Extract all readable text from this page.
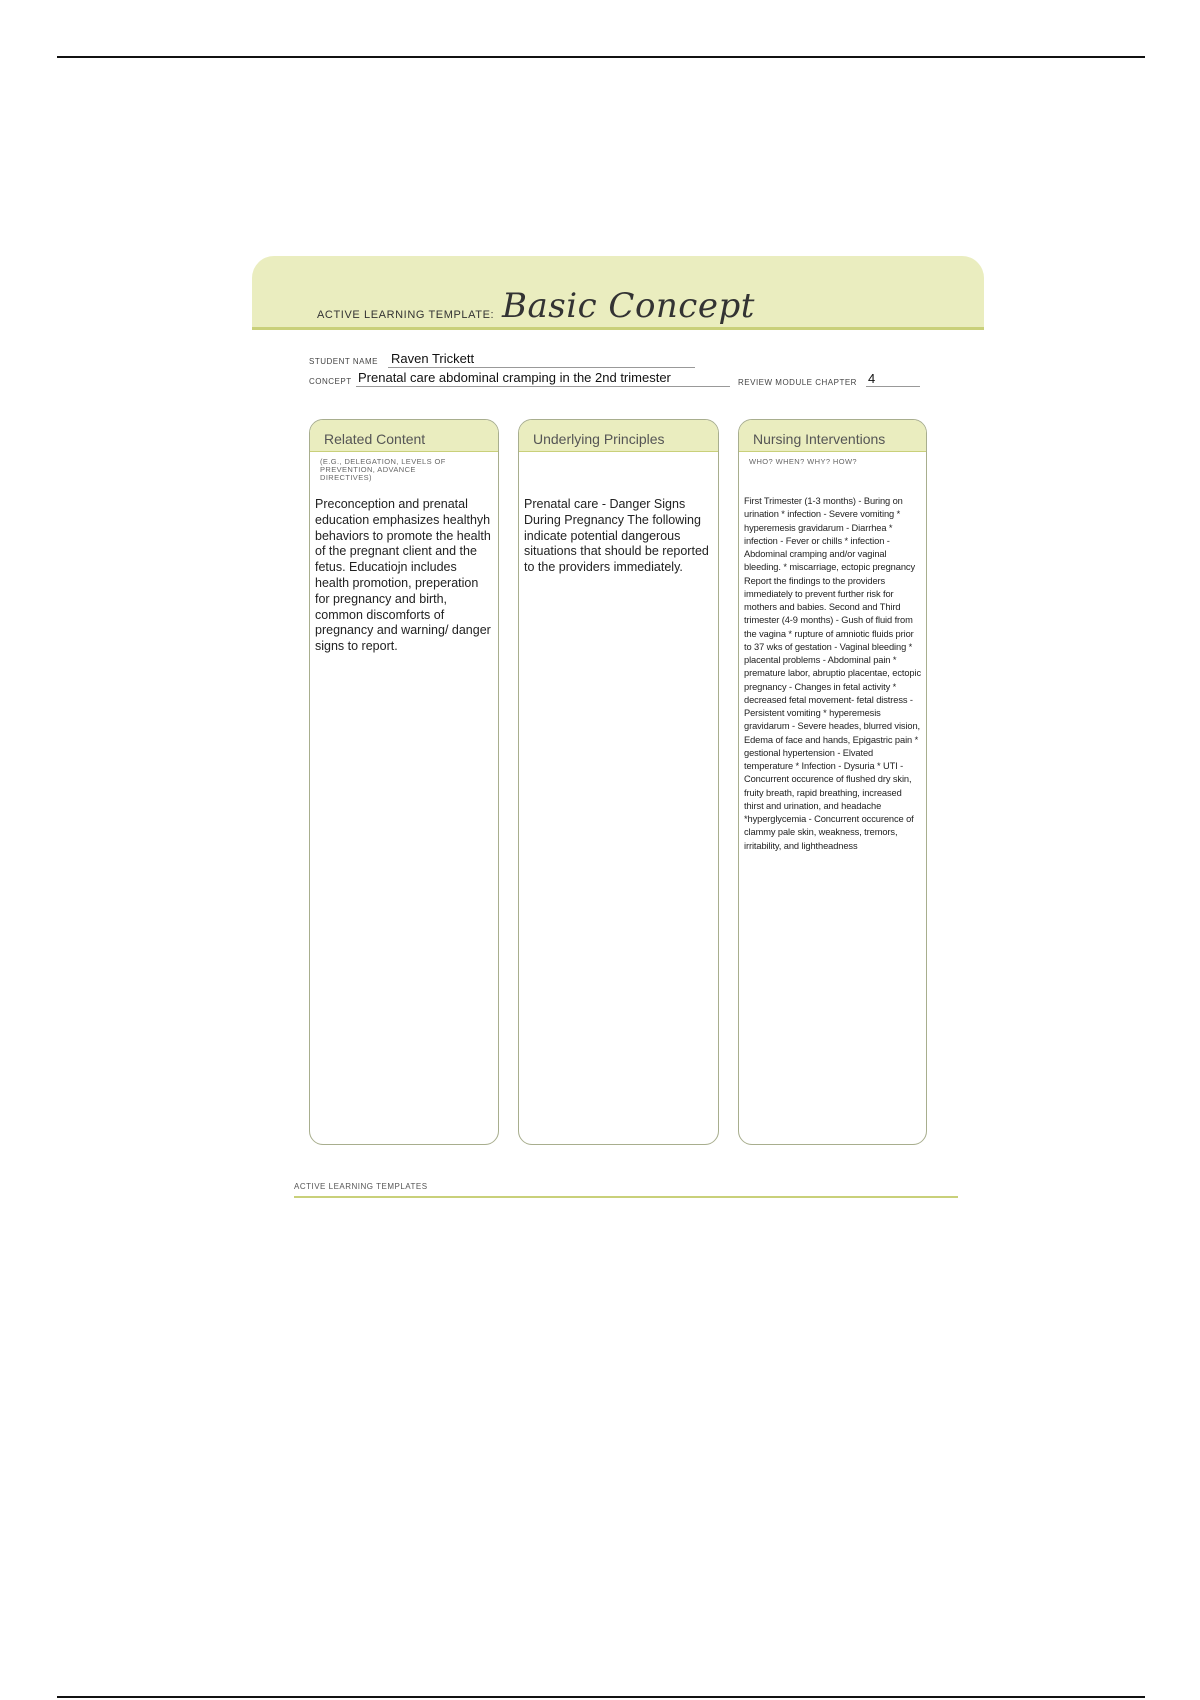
ACTIVE LEARNING TEMPLATE: Basic Concept
STUDENT NAME Raven Trickett
CONCEPT Prenatal care abdominal cramping in the 2nd trimester	REVIEW MODULE CHAPTER 4
Related Content
(E.G., DELEGATION, LEVELS OF PREVENTION, ADVANCE DIRECTIVES)
Preconception and prenatal education emphasizes healthyh behaviors to promote the health of the pregnant client and the fetus. Educatiojn includes health promotion, preperation for pregnancy and birth, common discomforts of pregnancy and warning/ danger signs to report.
Underlying Principles
Prenatal care - Danger Signs During Pregnancy The following indicate potential dangerous situations that should be reported to the providers immediately.
Nursing Interventions
WHO? WHEN? WHY? HOW?
First Trimester (1-3 months) - Buring on urination * infection - Severe vomiting * hyperemesis gravidarum - Diarrhea * infection - Fever or chills * infection - Abdominal cramping and/or vaginal bleeding. * miscarriage, ectopic pregnancy Report the findings to the providers immediately to prevent further risk for mothers and babies. Second and Third trimester (4-9 months) - Gush of fluid from the vagina * rupture of amniotic fluids prior to 37 wks of gestation - Vaginal bleeding * placental problems - Abdominal pain * premature labor, abruptio placentae, ectopic pregnancy - Changes in fetal activity * decreased fetal movement- fetal distress - Persistent vomiting * hyperemesis gravidarum - Severe heades, blurred vision, Edema of face and hands, Epigastric pain * gestional hypertension - Elvated temperature * Infection - Dysuria * UTI - Concurrent occurence of flushed dry skin, fruity breath, rapid breathing, increased thirst and urination, and headache *hyperglycemia - Concurrent occurence of clammy pale skin, weakness, tremors, irritability, and lightheadness
ACTIVE LEARNING TEMPLATES
